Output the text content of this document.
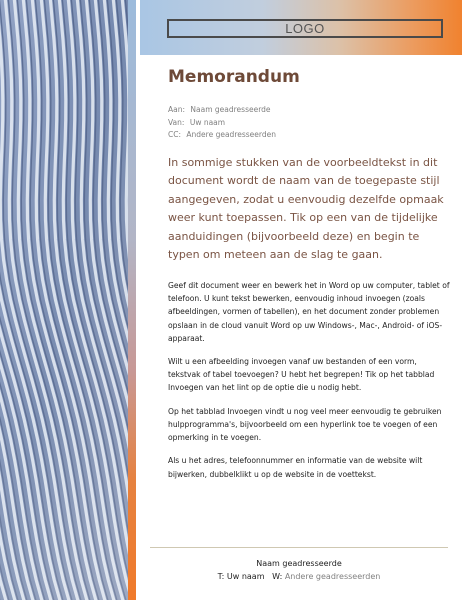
LOGO
Memorandum
Aan: Naam geadresseerde
Van: Uw naam
CC: Andere geadresseerden

In sommige stukken van de voorbeeldtekst in dit document wordt de naam van de toegepaste stijl aangegeven, zodat u eenvoudig dezelfde opmaak weer kunt toepassen. Tik op een van de tijdelijke aanduidingen (bijvoorbeeld deze) en begin te typen om meteen aan de slag te gaan.

Geef dit document weer en bewerk het in Word op uw computer, tablet of telefoon. U kunt tekst bewerken, eenvoudig inhoud invoegen (zoals afbeeldingen, vormen of tabellen), en het document zonder problemen opslaan in de cloud vanuit Word op uw Windows-, Mac-, Android- of iOS-apparaat.

Wilt u een afbeelding invoegen vanaf uw bestanden of een vorm, tekstvak of tabel toevoegen? U hebt het begrepen! Tik op het tabblad Invoegen van het lint op de optie die u nodig hebt.

Op het tabblad Invoegen vindt u nog veel meer eenvoudig te gebruiken hulpprogramma's, bijvoorbeeld om een hyperlink toe te voegen of een opmerking in te voegen.

Als u het adres, telefoonnummer en informatie van de website wilt bijwerken, dubbelklikt u op de website in de voettekst.

Naam geadresseerde
T: Uw naam W: Andere geadresseerden
